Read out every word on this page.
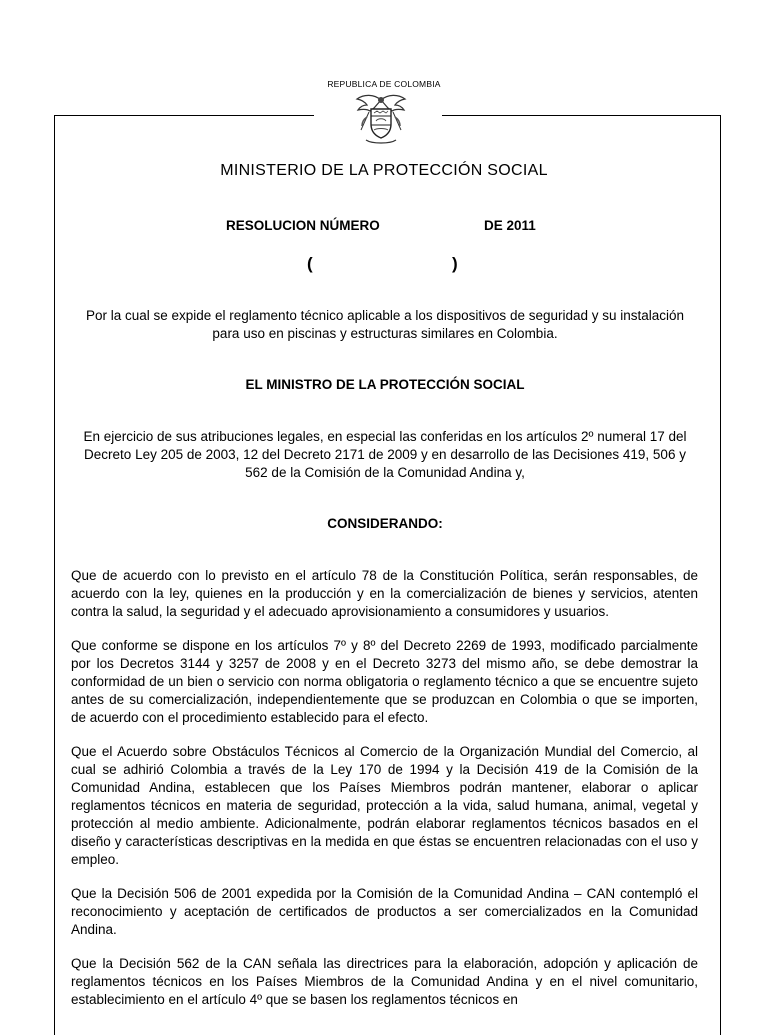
REPUBLICA DE COLOMBIA
MINISTERIO DE LA PROTECCIÓN SOCIAL
RESOLUCION NÚMERO	DE 2011
(	)
Por la cual se expide el reglamento técnico aplicable a los dispositivos de seguridad y su instalación para uso en piscinas y estructuras similares en Colombia.
EL MINISTRO DE LA PROTECCIÓN SOCIAL
En ejercicio de sus atribuciones legales, en especial las conferidas en los artículos 2º numeral 17 del Decreto Ley 205 de 2003, 12 del Decreto 2171 de 2009 y en desarrollo de las Decisiones 419, 506 y 562 de la Comisión de la Comunidad Andina y,
CONSIDERANDO:

Que de acuerdo con lo previsto en el artículo 78 de la Constitución Política, serán responsables, de acuerdo con la ley, quienes en la producción y en la comercialización de bienes y servicios, atenten contra la salud, la seguridad y el adecuado aprovisionamiento a consumidores y usuarios.

Que conforme se dispone en los artículos 7º y 8º del Decreto 2269 de 1993, modificado parcialmente por los Decretos 3144 y 3257 de 2008 y en el Decreto 3273 del mismo año, se debe demostrar la conformidad de un bien o servicio con norma obligatoria o reglamento técnico a que se encuentre sujeto antes de su comercialización, independientemente que se produzcan en Colombia o que se importen, de acuerdo con el procedimiento establecido para el efecto.

Que el Acuerdo sobre Obstáculos Técnicos al Comercio de la Organización Mundial del Comercio, al cual se adhirió Colombia a través de la Ley 170 de 1994 y la Decisión 419 de la Comisión de la Comunidad Andina, establecen que los Países Miembros podrán mantener, elaborar o aplicar reglamentos técnicos en materia de seguridad, protección a la vida, salud humana, animal, vegetal y protección al medio ambiente. Adicionalmente, podrán elaborar reglamentos técnicos basados en el diseño y características descriptivas en la medida en que éstas se encuentren relacionadas con el uso y empleo.

Que la Decisión 506 de 2001 expedida por la Comisión de la Comunidad Andina – CAN contempló el reconocimiento y aceptación de certificados de productos a ser comercializados en la Comunidad Andina.

Que la Decisión 562 de la CAN señala las directrices para la elaboración, adopción y aplicación de reglamentos técnicos en los Países Miembros de la Comunidad Andina y en el nivel comunitario, establecimiento en el artículo 4º que se basen los reglamentos técnicos en
